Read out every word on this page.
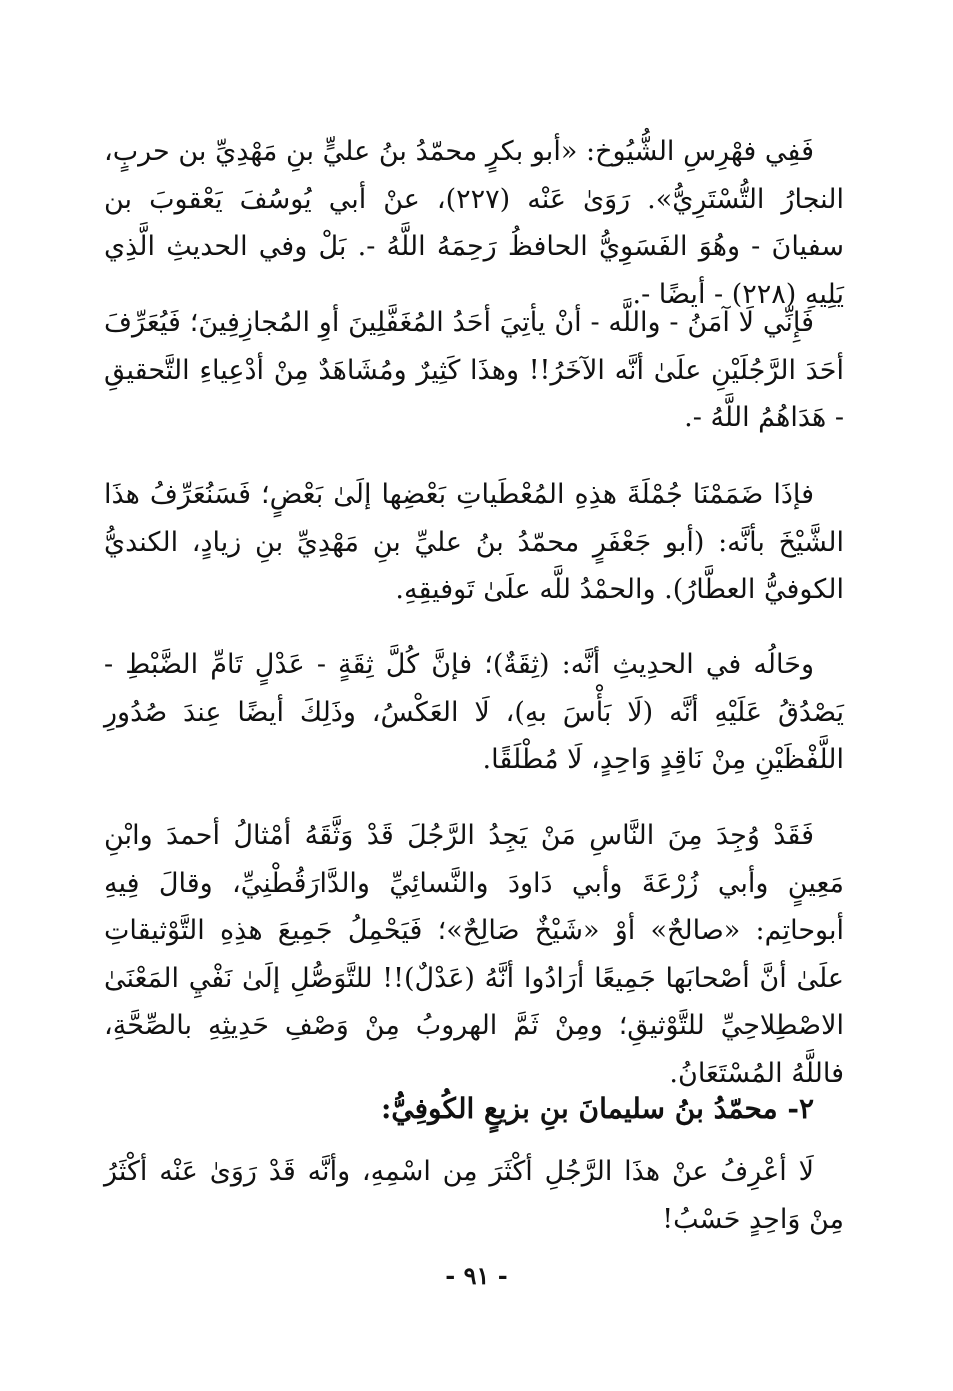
فَفِي فهْرِسِ الشُّيُوخ: «أبو بكرٍ محمّدُ بنُ عليٍّ بنِ مَهْدِيِّ بن حربٍ، النجارُ التُّسْتَرِيُّ». رَوَىٰ عَنْه (٢٢٧)، عنْ أبي يُوسُفَ يَعْقوبَ بن سفيانَ - وهُوَ الفَسَوِيُّ الحافظُ رَحِمَهُ اللَّهُ -. بَلْ وفي الحديثِ الَّذِي يَلِيهِ (٢٢٨) - أيضًا -.

فَإِنِّي لَا آمَنُ - واللَّه - أنْ يأتِيَ أحَدُ المُغَفَّلِينَ أوِ المُجازِفِينَ؛ فَيُعَرِّفَ أحَدَ الرَّجُلَيْنِ علَىٰ أنَّه الآخَرُ!! وهذَا كَثِيرٌ ومُشَاهَدٌ مِنْ أدْعِياءِ التَّحقيقِ - هَدَاهُمُ اللَّهُ -.

فإذَا ضَمَمْنَا جُمْلَةَ هذِهِ المُعْطَياتِ بَعْضِها إلَىٰ بَعْضٍ؛ فَسَنُعَرِّفُ هذَا الشَّيْخَ بأنَّه: (أبو جَعْفَرٍ محمّدُ بنُ عليِّ بنِ مَهْدِيِّ بنِ زيادٍ، الكنديُّ الكوفيُّ العطَّارُ). والحمْدُ للَّه علَىٰ تَوفيقِهِ.

وحَالُه في الحدِيثِ أنَّه: (ثِقَةٌ)؛ فإنَّ كُلَّ ثِقَةٍ - عَدْلٍ تَامِّ الضَّبْطِ - يَصْدُقُ عَلَيْهِ أنَّه (لَا بَأْسَ بهِ)، لَا العَكْسُ، وذَلِكَ أيضًا عِندَ صُدُورِ اللَّفْظَيْنِ مِنْ نَاقِدٍ وَاحِدٍ، لَا مُطْلَقًا.

فَقَدْ وُجِدَ مِنَ النَّاسِ مَنْ يَجِدُ الرَّجُلَ قَدْ وَثَّقَهُ أمْثالُ أحمدَ وابْنِ مَعِينٍ وأبي زُرْعَةَ وأبي دَاودَ والنَّسائِيِّ والدَّارَقُطْنِيِّ، وقالَ فِيهِ أبوحاتِم: «صالحٌ» أوْ «شَيْخٌ صَالِحٌ»؛ فَيَحْمِلُ جَمِيعَ هذِهِ التَّوْثيقاتِ علَىٰ أنَّ أصْحابَها جَمِيعًا أرَادُوا أنَّهُ (عَدْلٌ)!! للتَّوَصُّلِ إلَىٰ نَفْيِ المَعْنَىٰ الاصْطِلاحِيِّ للتَّوْثيقِ؛ ومِنْ ثَمَّ الهروبُ مِنْ وَصْفِ حَدِيثِهِ بالصِّحَّةِ، فاللَّهُ المُسْتَعَانُ.

٢- محمّدُ بنُ سليمانَ بنِ بزيعٍ الكُوفِيُّ:

لَا أعْرِفُ عنْ هذَا الرَّجُلِ أكْثَرَ مِن اسْمِهِ، وأنَّه قَدْ رَوَىٰ عَنْه أكْثَرُ مِنْ وَاحِدٍ حَسْبُ!

- ٩١ -
